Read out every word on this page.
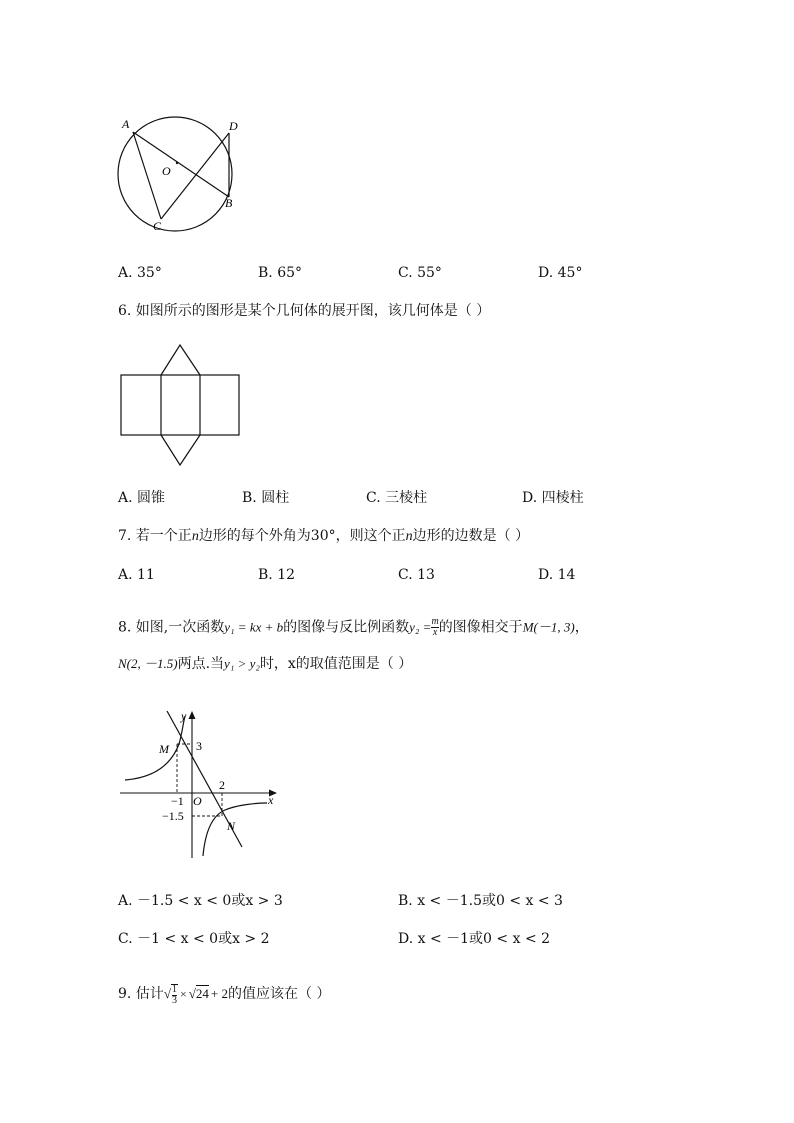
A	D
O
B
C
A. 35°	B. 65°	C. 55°	D. 45°
6. 如图所示的图形是某个几何体的展开图，该几何体是（ ）
A. 圆锥	B. 圆柱	C. 三棱柱	D. 四棱柱
7. 若一个正n边形的每个外角为30°，则这个正n边形的边数是（ ）
A. 11	B. 12	C. 13	D. 14
8. 如图,一次函数y₁ = kx + b的图像与反比例函数$y_2 = \frac{m}{x}$ 的图像相交于M(－1, 3)，
N(2, －1.5)两点.当y₁ > y₂时，x的取值范围是（ ）
y
M 3
2
−1 O	x
−1.5
N
A. －1.5 < x < 0或x > 3	B. x < －1.5或0 < x < 3
C. －1 < x < 0或x > 2	D. x < －1或0 < x < 2
9. 估计√ $\frac{1}{3} \times √24 + 2$的值应该在（ ）
